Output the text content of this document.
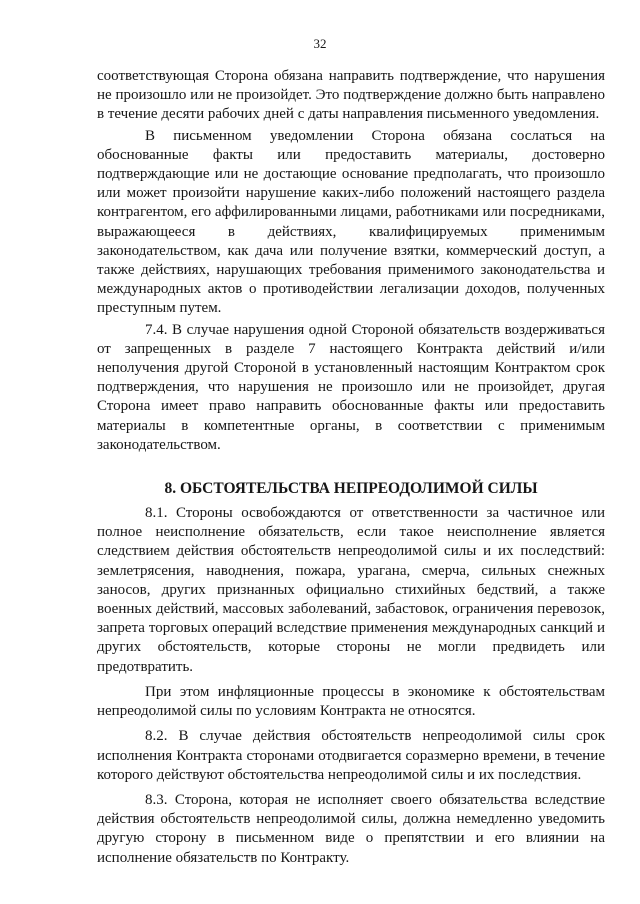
32

соответствующая Сторона обязана направить подтверждение, что нарушения не произошло или не произойдет. Это подтверждение должно быть направлено в течение десяти рабочих дней с даты направления письменного уведомления.

В письменном уведомлении Сторона обязана сослаться на обоснованные факты или предоставить материалы, достоверно подтверждающие или не достающие основание предполагать, что произошло или может произойти нарушение каких-либо положений настоящего раздела контрагентом, его аффилированными лицами, работниками или посредниками, выражающееся в действиях, квалифицируемых применимым законодательством, как дача или получение взятки, коммерческий доступ, а также действиях, нарушающих требования применимого законодательства и международных актов о противодействии легализации доходов, полученных преступным путем.

7.4. В случае нарушения одной Стороной обязательств воздерживаться от запрещенных в разделе 7 настоящего Контракта действий и/или неполучения другой Стороной в установленный настоящим Контрактом срок подтверждения, что нарушения не произошло или не произойдет, другая Сторона имеет право направить обоснованные факты или предоставить материалы в компетентные органы, в соответствии с применимым законодательством.

8. ОБСТОЯТЕЛЬСТВА НЕПРЕОДОЛИМОЙ СИЛЫ

8.1. Стороны освобождаются от ответственности за частичное или полное неисполнение обязательств, если такое неисполнение является следствием действия обстоятельств непреодолимой силы и их последствий: землетрясения, наводнения, пожара, урагана, смерча, сильных снежных заносов, других признанных официально стихийных бедствий, а также военных действий, массовых заболеваний, забастовок, ограничения перевозок, запрета торговых операций вследствие применения международных санкций и других обстоятельств, которые стороны не могли предвидеть или предотвратить.

При этом инфляционные процессы в экономике к обстоятельствам непреодолимой силы по условиям Контракта не относятся.

8.2. В случае действия обстоятельств непреодолимой силы срок исполнения Контракта сторонами отодвигается соразмерно времени, в течение которого действуют обстоятельства непреодолимой силы и их последствия.

8.3. Сторона, которая не исполняет своего обязательства вследствие действия обстоятельств непреодолимой силы, должна немедленно уведомить другую сторону в письменном виде о препятствии и его влиянии на исполнение обязательств по Контракту.
